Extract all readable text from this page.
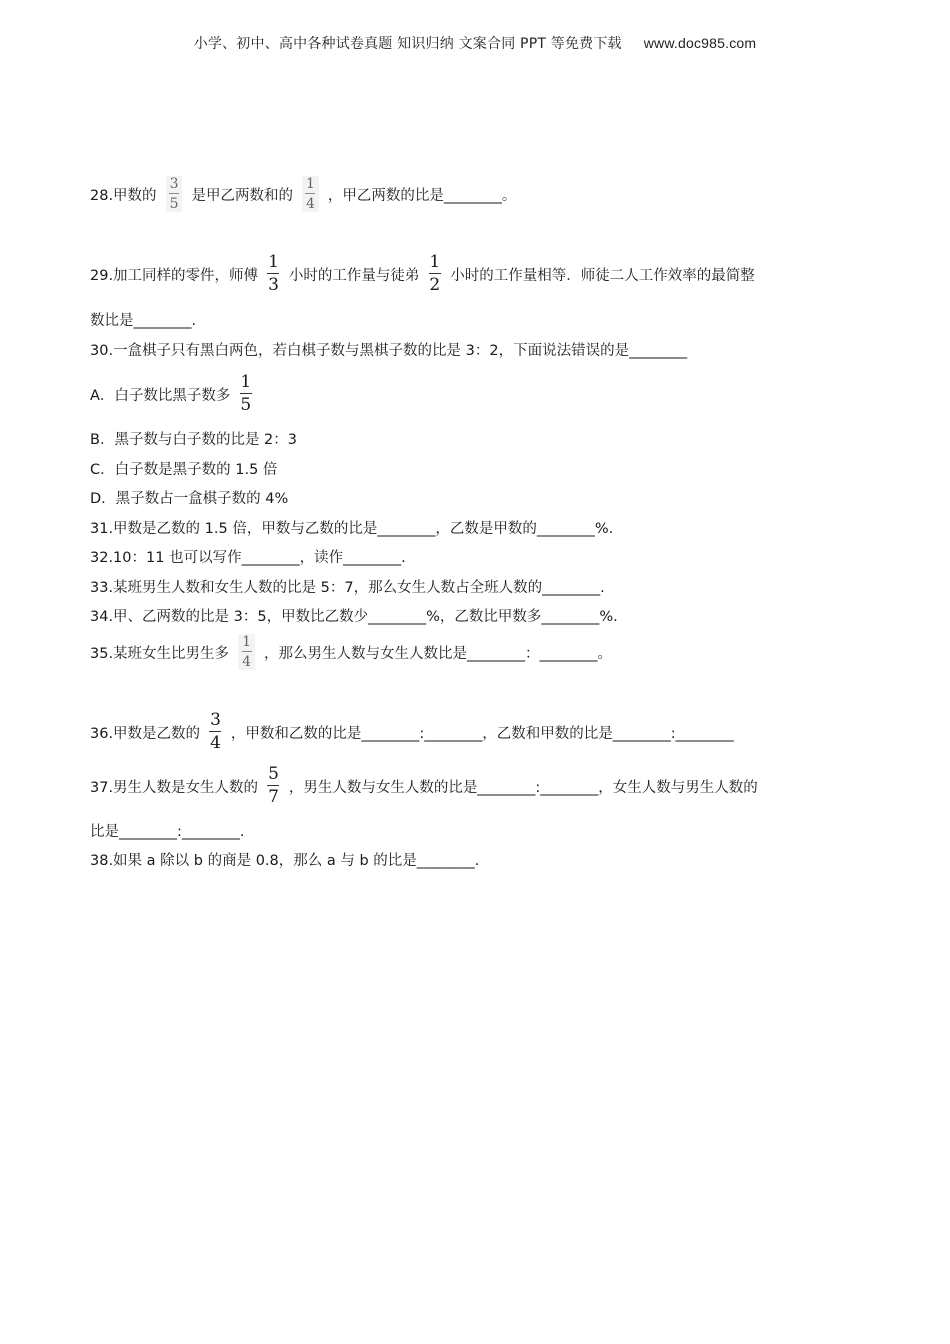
小学、初中、高中各种试卷真题 知识归纳 文案合同 PPT 等免费下载 www.doc985.com
28.甲数的 $\frac{3}{5}$ 是甲乙两数和的 $\frac{1}{4}$ ，甲乙两数的比是________。
29.加工同样的零件，师傅 $\frac{1}{3}$ 小时的工作量与徒弟 $\frac{1}{2}$ 小时的工作量相等．师徒二人工作效率的最简整
数比是________.
30.一盒棋子只有黑白两色，若白棋子数与黑棋子数的比是 3：2，下面说法错误的是________
A．白子数比黑子数多 $\frac{1}{5}$
B．黑子数与白子数的比是 2：3
C．白子数是黑子数的 1.5 倍
D．黑子数占一盒棋子数的 4%
31.甲数是乙数的 1.5 倍，甲数与乙数的比是________，乙数是甲数的________%.
32.10：11 也可以写作________，读作________.
33.某班男生人数和女生人数的比是 5：7，那么女生人数占全班人数的________.
34.甲、乙两数的比是 3：5，甲数比乙数少________%，乙数比甲数多________%.
35.某班女生比男生多 $\frac{1}{4}$ ，那么男生人数与女生人数比是________：________。
36.甲数是乙数的 $\frac{3}{4}$ ，甲数和乙数的比是________:________，乙数和甲数的比是________:________
37.男生人数是女生人数的 $\frac{5}{7}$ ，男生人数与女生人数的比是________:________，女生人数与男生人数的
比是________:________.
38.如果 a 除以 b 的商是 0.8，那么 a 与 b 的比是________.
